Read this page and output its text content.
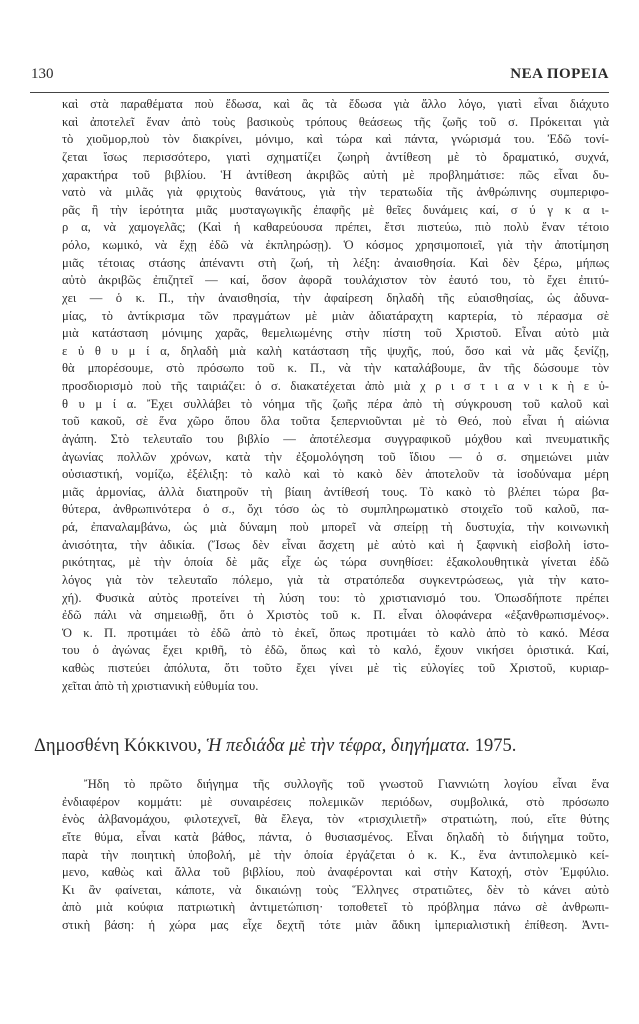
130	ΝΕΑ ΠΟΡΕΙΑ
καὶ στὰ παραθέματα ποὺ ἔδωσα, καὶ ἂς τὰ ἔδωσα γιὰ ἄλλο λόγο, γιατὶ εἶναι διάχυτο
καὶ ἀποτελεῖ ἕναν ἀπὸ τοὺς βασικοὺς τρόπους θεάσεως τῆς ζωῆς τοῦ σ. Πρόκειται γιὰ
τὸ χιοῦμορ,ποὺ τὸν διακρίνει, μόνιμο, καὶ τώρα καὶ πάντα, γνώρισμά του. Ἐδῶ τονί-
ζεται ἴσως περισσότερο, γιατὶ σχηματίζει ζωηρὴ ἀντίθεση μὲ τὸ δραματικό, συχνά,
χαρακτήρα τοῦ βιβλίου. Ἡ ἀντίθεση ἀκριβῶς αὐτὴ μὲ προβλημάτισε: πῶς εἶναι δυ-
νατὸ νὰ μιλᾶς γιὰ φριχτοὺς θανάτους, γιὰ τὴν τερατωδία τῆς ἀνθρώπινης συμπεριφο-
ρᾶς ἢ τὴν ἱερότητα μιᾶς μυσταγωγικῆς ἐπαφῆς μὲ θεῖες δυνάμεις καί, σ ύ γ κ α ι-
ρ α, νὰ χαμογελᾶς; (Καὶ ἡ καθαρεύουσα πρέπει, ἔτσι πιστεύω, πιὸ πολὺ ἕναν τέτοιο
ρόλο, κωμικό, νὰ ἔχῃ ἐδῶ νὰ ἐκπληρώσῃ). Ὁ κόσμος χρησιμοποιεῖ, γιὰ τὴν ἀποτίμηση
μιᾶς τέτοιας στάσης ἀπέναντι στὴ ζωή, τὴ λέξη: ἀναισθησία. Καὶ δὲν ξέρω, μήπως
αὐτὸ ἀκριβῶς ἐπιζητεῖ — καί, ὅσον ἀφορᾶ τουλάχιστον τὸν ἑαυτό του, τὸ ἔχει ἐπιτύ-
χει — ὁ κ. Π., τὴν ἀναισθησία, τὴν ἀφαίρεση δηλαδὴ τῆς εὐαισθησίας, ὡς ἀδυνα-
μίας, τὸ ἀντίκρισμα τῶν πραγμάτων μὲ μιὰν ἀδιατάραχτη καρτερία, τὸ πέρασμα σὲ
μιὰ κατάσταση μόνιμης χαρᾶς, θεμελιωμένης στὴν πίστη τοῦ Χριστοῦ. Εἶναι αὐτὸ μιὰ
ε ὐ θ υ μ ί α, δηλαδὴ μιὰ καλὴ κατάσταση τῆς ψυχῆς, πού, ὅσο καὶ νὰ μᾶς ξενίζῃ,
θὰ μπορέσουμε, στὸ πρόσωπο τοῦ κ. Π., νὰ τὴν καταλάβουμε, ἂν τῆς δώσουμε τὸν
προσδιορισμὸ ποὺ τῆς ταιριάζει: ὁ σ. διακατέχεται ἀπὸ μιὰ χ ρ ι σ τ ι α ν ι κ ὴ ε ὐ-
θ υ μ ί α. Ἔχει συλλάβει τὸ νόημα τῆς ζωῆς πέρα ἀπὸ τὴ σύγκρουση τοῦ καλοῦ καὶ
τοῦ κακοῦ, σὲ ἕνα χῶρο ὅπου ὅλα τοῦτα ξεπερνιοῦνται μὲ τὸ Θεό, ποὺ εἶναι ἡ αἰώνια
ἀγάπη. Στὸ τελευταῖο του βιβλίο — ἀποτέλεσμα συγγραφικοῦ μόχθου καὶ πνευματικῆς
ἀγωνίας πολλῶν χρόνων, κατὰ τὴν ἐξομολόγηση τοῦ ἴδιου — ὁ σ. σημειώνει μιὰν
οὐσιαστική, νομίζω, ἐξέλιξη: τὸ καλὸ καὶ τὸ κακὸ δὲν ἀποτελοῦν τὰ ἰσοδύναμα μέρη
μιᾶς ἁρμονίας, ἀλλὰ διατηροῦν τὴ βίαιη ἀντίθεσή τους. Τὸ κακὸ τὸ βλέπει τώρα βα-
θύτερα, ἀνθρωπινότερα ὁ σ., ὄχι τόσο ὡς τὸ συμπληρωματικὸ στοιχεῖο τοῦ καλοῦ, πα-
ρά, ἐπαναλαμβάνω, ὡς μιὰ δύναμη ποὺ μπορεῖ νὰ σπείρῃ τὴ δυστυχία, τὴν κοινωνικὴ
ἀνισότητα, τὴν ἀδικία. (Ἴσως δὲν εἶναι ἄσχετη μὲ αὐτὸ καὶ ἡ ξαφνικὴ εἰσβολὴ ἱστο-
ρικότητας, μὲ τὴν ὁποία δὲ μᾶς εἶχε ὡς τώρα συνηθίσει: ἐξακολουθητικὰ γίνεται ἐδῶ
λόγος γιὰ τὸν τελευταῖο πόλεμο, γιὰ τὰ στρατόπεδα συγκεντρώσεως, γιὰ τὴν κατο-
χή). Φυσικὰ αὐτὸς προτείνει τὴ λύση του: τὸ χριστιανισμό του. Ὁπωσδήποτε πρέπει
ἐδῶ πάλι νὰ σημειωθῇ, ὅτι ὁ Χριστὸς τοῦ κ. Π. εἶναι ὁλοφάνερα «ἐξανθρωπισμένος».
Ὁ κ. Π. προτιμάει τὸ ἐδῶ ἀπὸ τὸ ἐκεῖ, ὅπως προτιμάει τὸ καλὸ ἀπὸ τὸ κακό. Μέσα
του ὁ ἀγώνας ἔχει κριθῆ, τὸ ἐδῶ, ὅπως καὶ τὸ καλό, ἔχουν νικήσει ὁριστικά. Καί,
καθὼς πιστεύει ἀπόλυτα, ὅτι τοῦτο ἔχει γίνει μὲ τὶς εὐλογίες τοῦ Χριστοῦ, κυριαρ-
χεῖται ἀπὸ τὴ χριστιανικὴ εὐθυμία του.
Δημοσθένη Κόκκινου, Ἡ πεδιάδα μὲ τὴν τέφρα, διηγήματα. 1975.
Ἤδη τὸ πρῶτο διήγημα τῆς συλλογῆς τοῦ γνωστοῦ Γιαννιώτη λογίου εἶναι ἕνα
ἐνδιαφέρον κομμάτι: μὲ συναιρέσεις πολεμικῶν περιόδων, συμβολικά, στὸ πρόσωπο
ἑνὸς ἀλβανομάχου, φιλοτεχνεῖ, θὰ ἔλεγα, τὸν «τρισχιλιετῆ» στρατιώτη, πού, εἴτε θύτης
εἴτε θύμα, εἶναι κατὰ βάθος, πάντα, ὁ θυσιασμένος. Εἶναι δηλαδὴ τὸ διήγημα τοῦτο,
παρὰ τὴν ποιητικὴ ὑποβολή, μὲ τὴν ὁποία ἐργάζεται ὁ κ. Κ., ἕνα ἀντιπολεμικὸ κεί-
μενο, καθὼς καὶ ἄλλα τοῦ βιβλίου, ποὺ ἀναφέρονται καὶ στὴν Κατοχή, στὸν Ἐμφύλιο.
Κι ἂν φαίνεται, κάποτε, νὰ δικαιώνῃ τοὺς Ἕλληνες στρατιῶτες, δὲν τὸ κάνει αὐτὸ
ἀπὸ μιὰ κούφια πατριωτικὴ ἀντιμετώπιση· τοποθετεῖ τὸ πρόβλημα πάνω σὲ ἀνθρωπι-
στικὴ βάση: ἡ χώρα μας εἶχε δεχτῆ τότε μιὰν ἄδικη ἰμπεριαλιστικὴ ἐπίθεση. Ἀντι-
